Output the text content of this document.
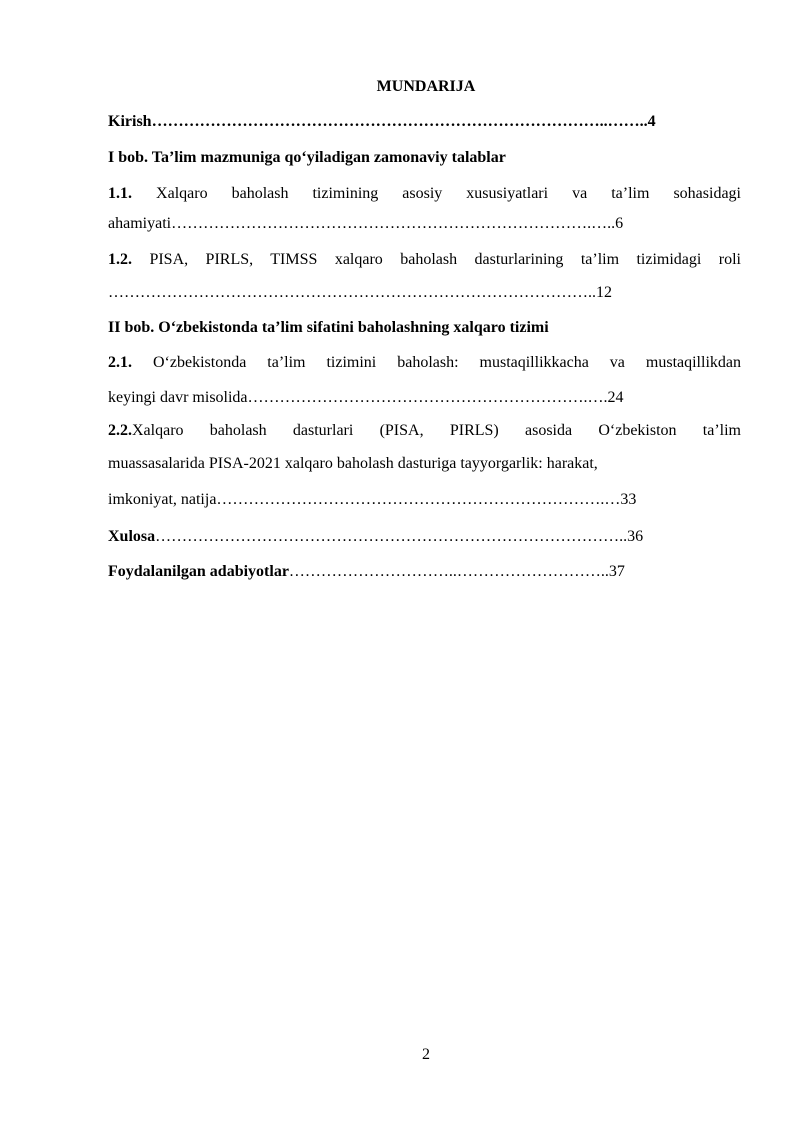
MUNDARIJA
Kirish…………………………………………………………………………..……..4
I bob. Ta’lim mazmuniga qo‘yiladigan zamonaviy talablar
1.1. Xalqaro baholash tizimining asosiy xususiyatlari va ta’lim sohasidagi
ahamiyati…………………………………………………………………….…..6
1.2. PISA, PIRLS, TIMSS xalqaro baholash dasturlarining ta’lim tizimidagi roli
………………………………………………………………………………..12
II bob. O‘zbekistonda ta’lim sifatini baholashning xalqaro tizimi
2.1. O‘zbekistonda ta’lim tizimini baholash: mustaqillikkacha va mustaqillikdan
keyingi davr misolida……………………………………………………….….24
2.2.Xalqaro baholash dasturlari (PISA, PIRLS) asosida O‘zbekiston ta’lim
muassasalarida PISA-2021 xalqaro baholash dasturiga tayyorgarlik: harakat,
imkoniyat, natija……………………………………………………………….…33
Xulosa……………………………………………………………………………..36
Foydalanilgan adabiyotlar…………………………..………………………..37
2
